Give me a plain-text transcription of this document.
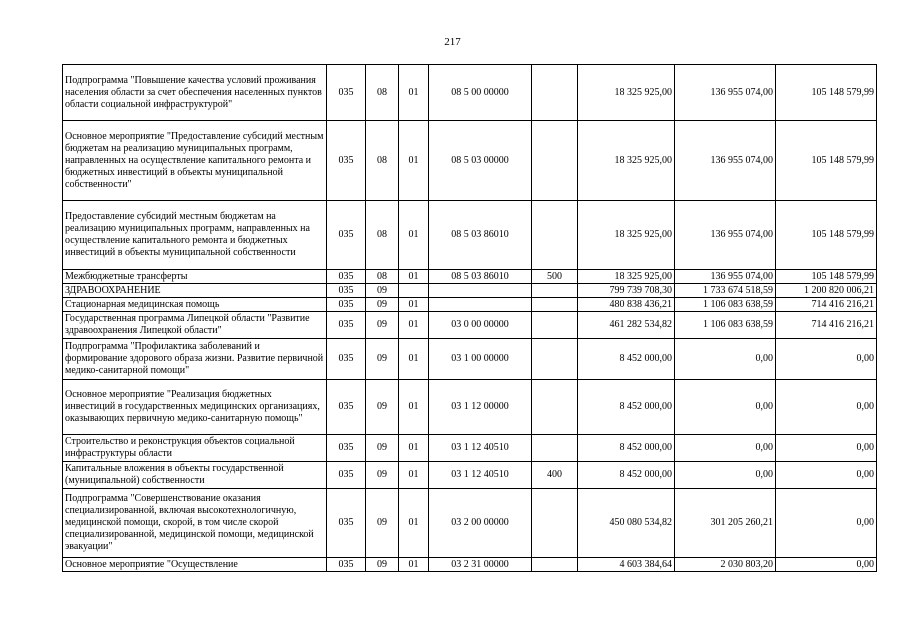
217
Подпрограмма "Повышение качества условий проживания населения области за счет обеспечения населенных пунктов области социальной инфраструктурой"	035	08	01	08 5 00 00000		18 325 925,00	136 955 074,00	105 148 579,99
Основное мероприятие "Предоставление субсидий местным бюджетам на реализацию муниципальных программ, направленных на осуществление капитального ремонта и бюджетных инвестиций в объекты муниципальной собственности"	035	08	01	08 5 03 00000		18 325 925,00	136 955 074,00	105 148 579,99
Предоставление субсидий местным бюджетам на реализацию муниципальных программ, направленных на осуществление капитального ремонта и бюджетных инвестиций в объекты муниципальной собственности	035	08	01	08 5 03 86010		18 325 925,00	136 955 074,00	105 148 579,99
Межбюджетные трансферты	035	08	01	08 5 03 86010	500	18 325 925,00	136 955 074,00	105 148 579,99
ЗДРАВООХРАНЕНИЕ	035	09				799 739 708,30	1 733 674 518,59	1 200 820 006,21
Стационарная медицинская помощь	035	09	01			480 838 436,21	1 106 083 638,59	714 416 216,21
Государственная программа Липецкой области "Развитие здравоохранения Липецкой области"	035	09	01	03 0 00 00000		461 282 534,82	1 106 083 638,59	714 416 216,21
Подпрограмма "Профилактика заболеваний и формирование здорового образа жизни. Развитие первичной медико-санитарной помощи"	035	09	01	03 1 00 00000		8 452 000,00	0,00	0,00
Основное мероприятие "Реализация бюджетных инвестиций в государственных медицинских организациях, оказывающих первичную медико-санитарную помощь"	035	09	01	03 1 12 00000		8 452 000,00	0,00	0,00
Строительство и реконструкция объектов социальной инфраструктуры области	035	09	01	03 1 12 40510		8 452 000,00	0,00	0,00
Капитальные вложения в объекты государственной (муниципальной) собственности	035	09	01	03 1 12 40510	400	8 452 000,00	0,00	0,00
Подпрограмма "Совершенствование оказания специализированной, включая высокотехнологичную, медицинской помощи, скорой, в том числе скорой специализированной, медицинской помощи, медицинской эвакуации"	035	09	01	03 2 00 00000		450 080 534,82	301 205 260,21	0,00
Основное мероприятие "Осуществление	035	09	01	03 2 31 00000		4 603 384,64	2 030 803,20	0,00
